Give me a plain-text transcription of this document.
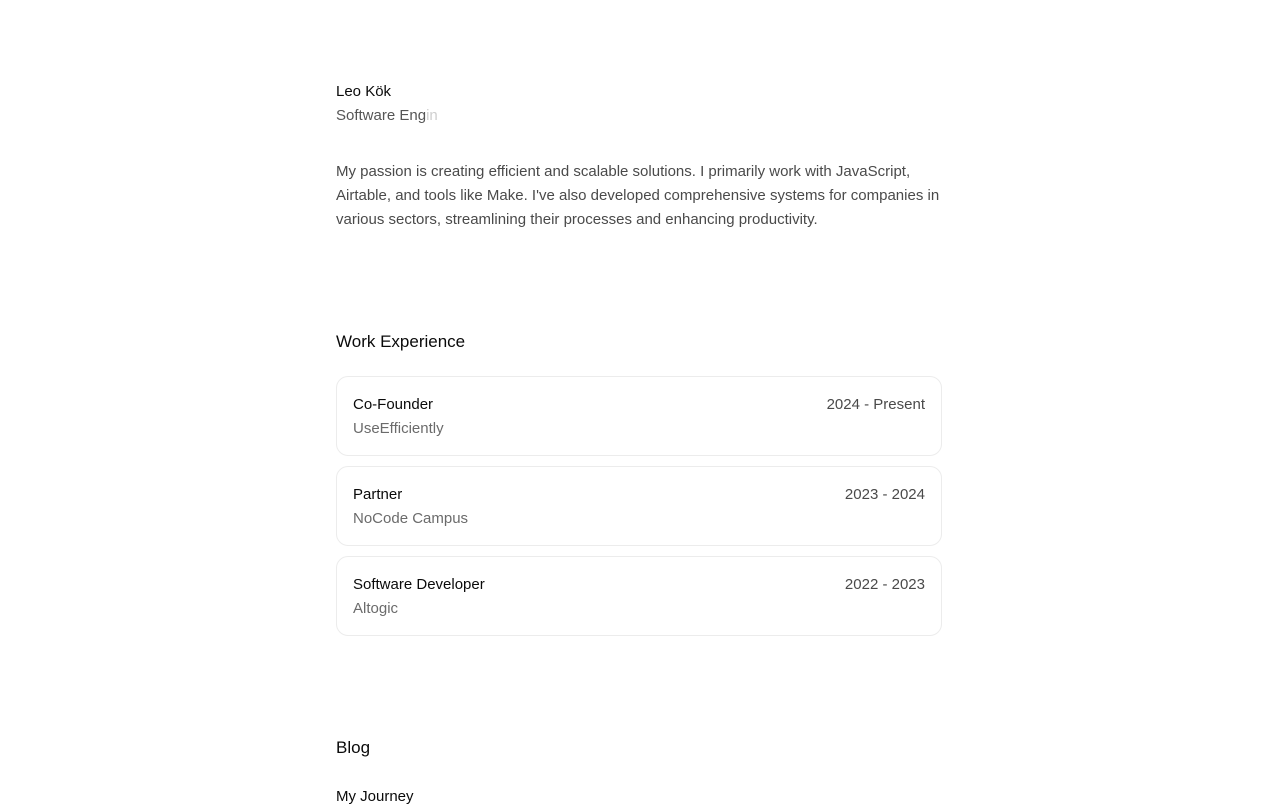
Leo Kök
Software Engin

My passion is creating efficient and scalable solutions. I primarily work with JavaScript, Airtable, and tools like Make. I've also developed comprehensive systems for companies in various sectors, streamlining their processes and enhancing productivity.

Work Experience
Co-Founder
UseEfficiently
2024 - Present
Partner
NoCode Campus
2023 - 2024
Software Developer
Altogic
2022 - 2023
Blog
My Journey
